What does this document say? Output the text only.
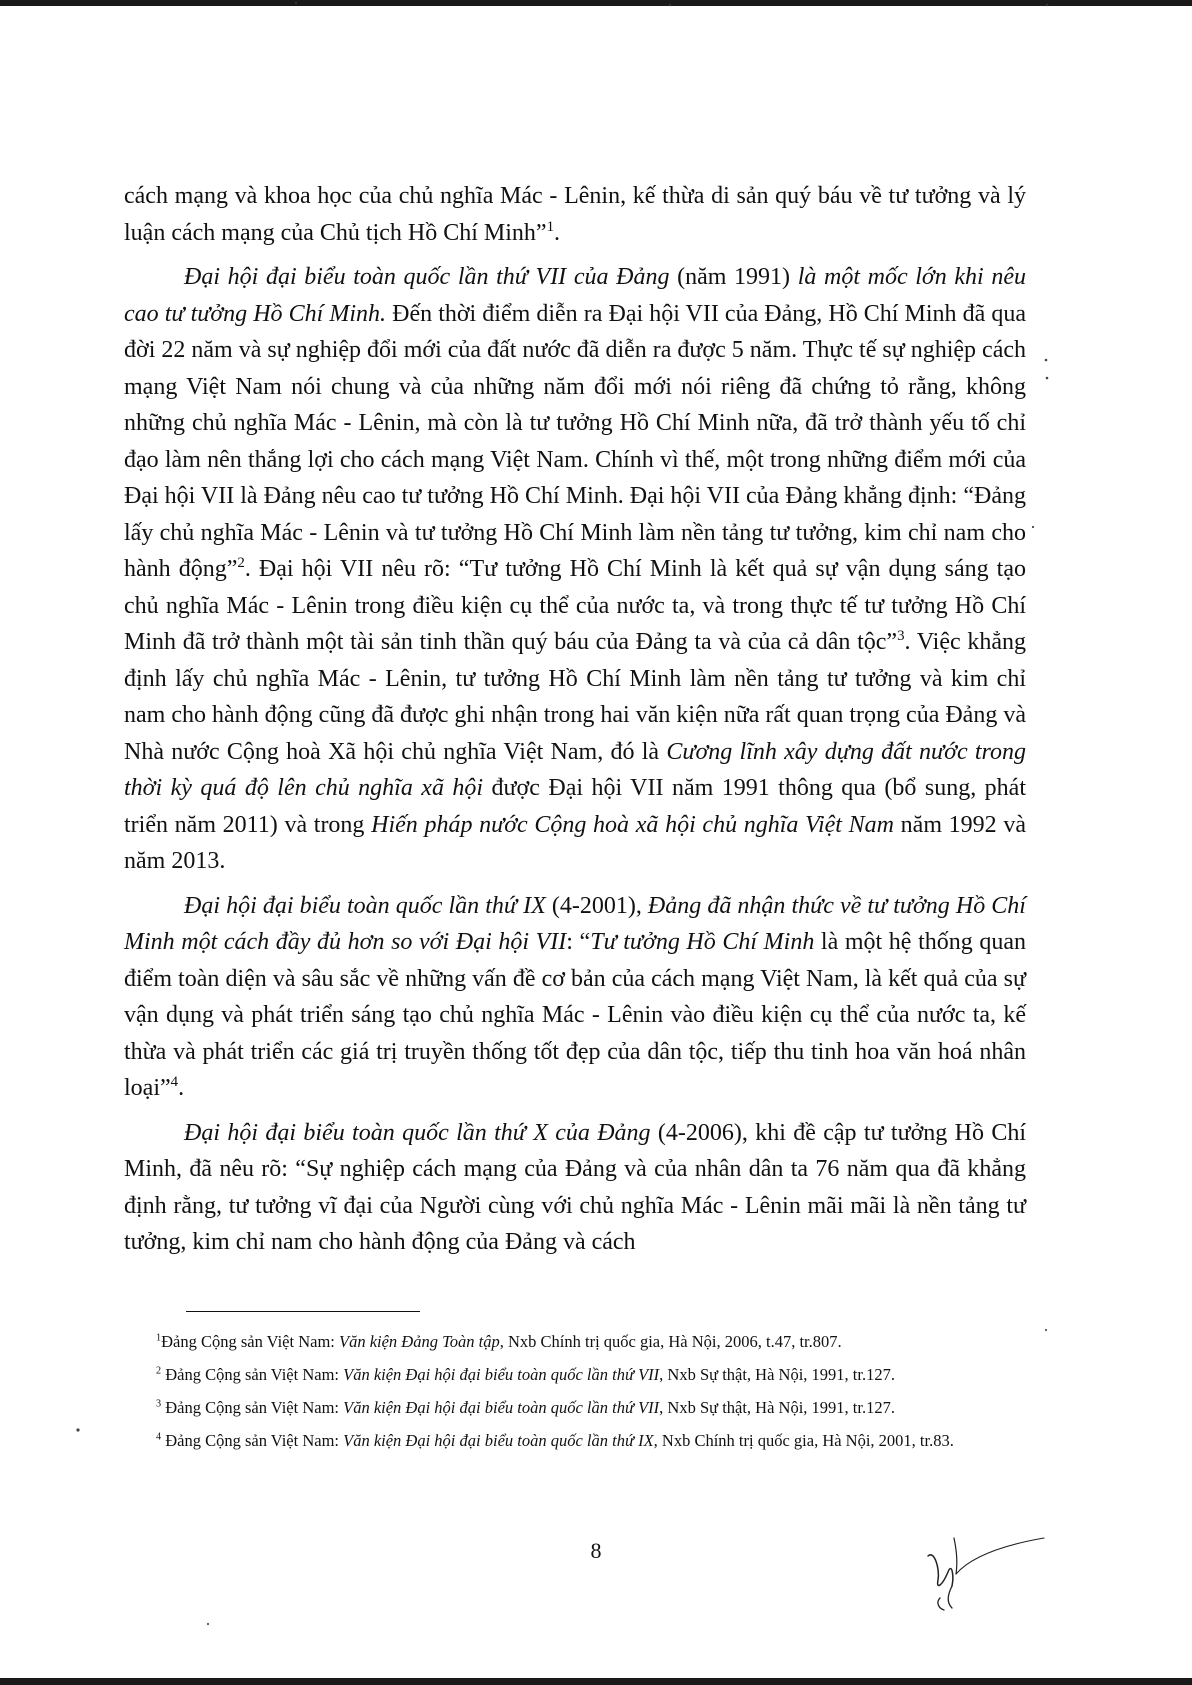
cách mạng và khoa học của chủ nghĩa Mác - Lênin, kế thừa di sản quý báu về tư tưởng và lý luận cách mạng của Chủ tịch Hồ Chí Minh”$^1$.

Đại hội đại biểu toàn quốc lần thứ VII của Đảng (năm 1991) là một mốc lớn khi nêu cao tư tưởng Hồ Chí Minh. Đến thời điểm diễn ra Đại hội VII của Đảng, Hồ Chí Minh đã qua đời 22 năm và sự nghiệp đổi mới của đất nước đã diễn ra được 5 năm. Thực tế sự nghiệp cách mạng Việt Nam nói chung và của những năm đổi mới nói riêng đã chứng tỏ rằng, không những chủ nghĩa Mác - Lênin, mà còn là tư tưởng Hồ Chí Minh nữa, đã trở thành yếu tố chỉ đạo làm nên thắng lợi cho cách mạng Việt Nam. Chính vì thế, một trong những điểm mới của Đại hội VII là Đảng nêu cao tư tưởng Hồ Chí Minh. Đại hội VII của Đảng khẳng định: “Đảng lấy chủ nghĩa Mác - Lênin và tư tưởng Hồ Chí Minh làm nền tảng tư tưởng, kim chỉ nam cho hành động”$^2$. Đại hội VII nêu rõ: “Tư tưởng Hồ Chí Minh là kết quả sự vận dụng sáng tạo chủ nghĩa Mác - Lênin trong điều kiện cụ thể của nước ta, và trong thực tế tư tưởng Hồ Chí Minh đã trở thành một tài sản tinh thần quý báu của Đảng ta và của cả dân tộc”$^3$. Việc khẳng định lấy chủ nghĩa Mác - Lênin, tư tưởng Hồ Chí Minh làm nền tảng tư tưởng và kim chỉ nam cho hành động cũng đã được ghi nhận trong hai văn kiện nữa rất quan trọng của Đảng và Nhà nước Cộng hoà Xã hội chủ nghĩa Việt Nam, đó là Cương lĩnh xây dựng đất nước trong thời kỳ quá độ lên chủ nghĩa xã hội được Đại hội VII năm 1991 thông qua (bổ sung, phát triển năm 2011) và trong Hiến pháp nước Cộng hoà xã hội chủ nghĩa Việt Nam năm 1992 và năm 2013.

Đại hội đại biểu toàn quốc lần thứ IX (4-2001), Đảng đã nhận thức về tư tưởng Hồ Chí Minh một cách đầy đủ hơn so với Đại hội VII: “Tư tưởng Hồ Chí Minh là một hệ thống quan điểm toàn diện và sâu sắc về những vấn đề cơ bản của cách mạng Việt Nam, là kết quả của sự vận dụng và phát triển sáng tạo chủ nghĩa Mác - Lênin vào điều kiện cụ thể của nước ta, kế thừa và phát triển các giá trị truyền thống tốt đẹp của dân tộc, tiếp thu tinh hoa văn hoá nhân loại”$^4$.

Đại hội đại biểu toàn quốc lần thứ X của Đảng (4-2006), khi đề cập tư tưởng Hồ Chí Minh, đã nêu rõ: “Sự nghiệp cách mạng của Đảng và của nhân dân ta 76 năm qua đã khẳng định rằng, tư tưởng vĩ đại của Người cùng với chủ nghĩa Mác - Lênin mãi mãi là nền tảng tư tưởng, kim chỉ nam cho hành động của Đảng và cách

$^1$Đảng Cộng sản Việt Nam: Văn kiện Đảng Toàn tập, Nxb Chính trị quốc gia, Hà Nội, 2006, t.47, tr.807.

$^2$ Đảng Cộng sản Việt Nam: Văn kiện Đại hội đại biểu toàn quốc lần thứ VII, Nxb Sự thật, Hà Nội, 1991, tr.127.

$^3$ Đảng Cộng sản Việt Nam: Văn kiện Đại hội đại biểu toàn quốc lần thứ VII, Nxb Sự thật, Hà Nội, 1991, tr.127.

$^4$ Đảng Cộng sản Việt Nam: Văn kiện Đại hội đại biểu toàn quốc lần thứ IX, Nxb Chính trị quốc gia, Hà Nội, 2001, tr.83.

8
